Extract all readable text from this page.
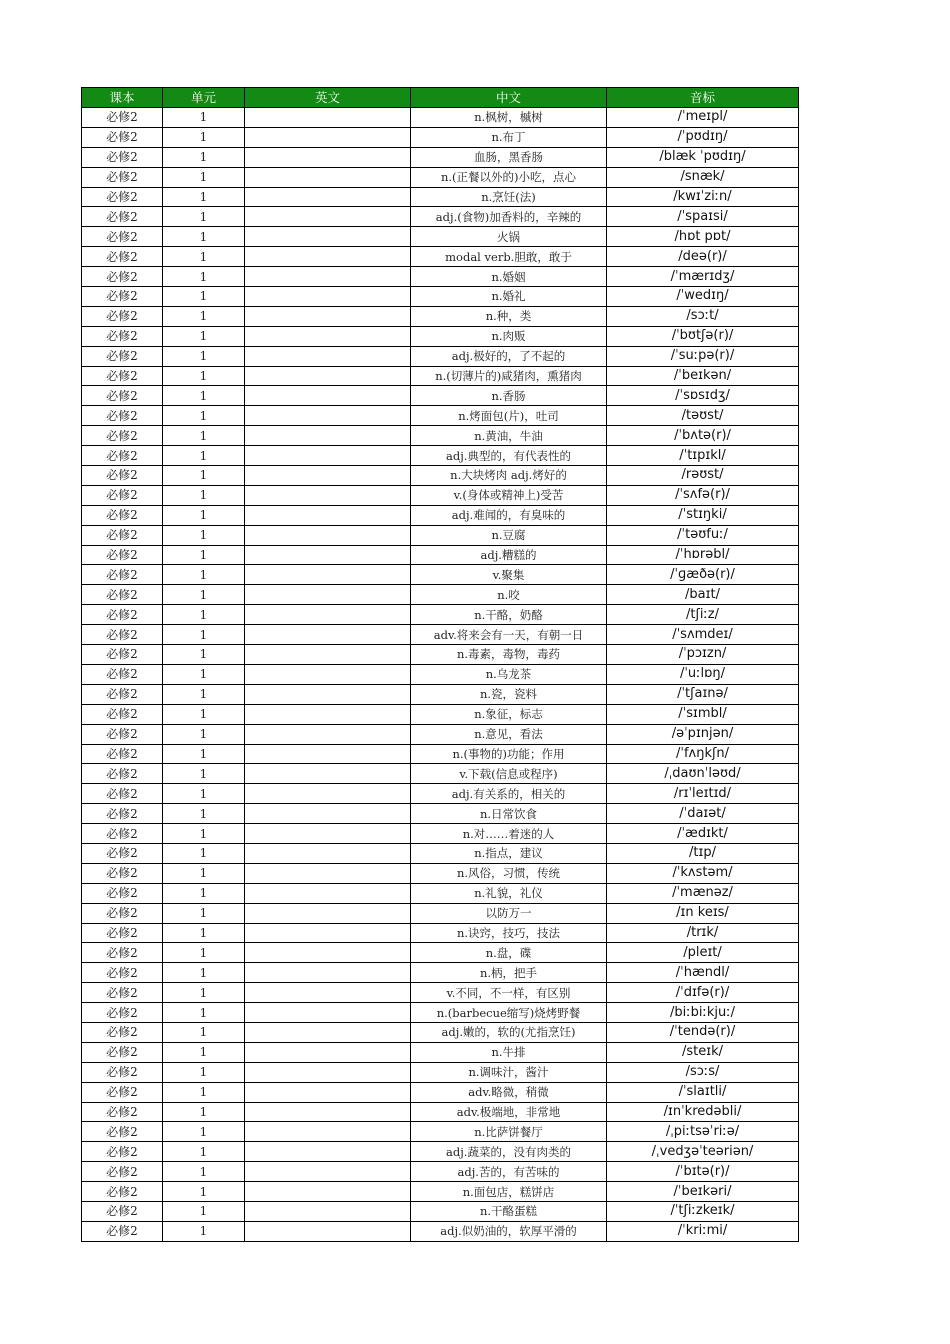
课本	单元	英文	中文	音标
必修2	1		n.枫树，槭树	/ˈmeɪpl/
必修2	1		n.布丁	/ˈpʊdɪŋ/
必修2	1		血肠，黑香肠	/blæk ˈpʊdɪŋ/
必修2	1		n.(正餐以外的)小吃，点心	/snæk/
必修2	1		n.烹饪(法)	/kwɪˈziːn/
必修2	1		adj.(食物)加香料的，辛辣的	/ˈspaɪsi/
必修2	1		火锅	/hɒt pɒt/
必修2	1		modal verb.胆敢，敢于	/deə(r)/
必修2	1		n.婚姻	/ˈmærɪdʒ/
必修2	1		n.婚礼	/ˈwedɪŋ/
必修2	1		n.种，类	/sɔːt/
必修2	1		n.肉贩	/ˈbʊtʃə(r)/
必修2	1		adj.极好的，了不起的	/ˈsuːpə(r)/
必修2	1		n.(切薄片的)咸猪肉，熏猪肉	/ˈbeɪkən/
必修2	1		n.香肠	/ˈsɒsɪdʒ/
必修2	1		n.烤面包(片)，吐司	/təʊst/
必修2	1		n.黄油，牛油	/ˈbʌtə(r)/
必修2	1		adj.典型的，有代表性的	/ˈtɪpɪkl/
必修2	1		n.大块烤肉 adj.烤好的	/rəʊst/
必修2	1		v.(身体或精神上)受苦	/ˈsʌfə(r)/
必修2	1		adj.难闻的，有臭味的	/ˈstɪŋki/
必修2	1		n.豆腐	/ˈtəʊfuː/
必修2	1		adj.糟糕的	/ˈhɒrəbl/
必修2	1		v.聚集	/ˈɡæðə(r)/
必修2	1		n.咬	/baɪt/
必修2	1		n.干酪，奶酪	/tʃiːz/
必修2	1		adv.将来会有一天，有朝一日	/ˈsʌmdeɪ/
必修2	1		n.毒素，毒物，毒药	/ˈpɔɪzn/
必修2	1		n.乌龙茶	/ˈuːlɒŋ/
必修2	1		n.瓷，瓷料	/ˈtʃaɪnə/
必修2	1		n.象征，标志	/ˈsɪmbl/
必修2	1		n.意见，看法	/əˈpɪnjən/
必修2	1		n.(事物的)功能；作用	/ˈfʌŋkʃn/
必修2	1		v.下载(信息或程序)	/ˌdaʊnˈləʊd/
必修2	1		adj.有关系的，相关的	/rɪˈleɪtɪd/
必修2	1		n.日常饮食	/ˈdaɪət/
必修2	1		n.对……着迷的人	/ˈædɪkt/
必修2	1		n.指点，建议	/tɪp/
必修2	1		n.风俗，习惯，传统	/ˈkʌstəm/
必修2	1		n.礼貌，礼仪	/ˈmænəz/
必修2	1		以防万一	/ɪn keɪs/
必修2	1		n.诀窍，技巧，技法	/trɪk/
必修2	1		n.盘，碟	/pleɪt/
必修2	1		n.柄，把手	/ˈhændl/
必修2	1		v.不同，不一样，有区别	/ˈdɪfə(r)/
必修2	1		n.(barbecue缩写)烧烤野餐	/biːbiːkjuː/
必修2	1		adj.嫩的，软的(尤指烹饪)	/ˈtendə(r)/
必修2	1		n.牛排	/steɪk/
必修2	1		n.调味汁，酱汁	/sɔːs/
必修2	1		adv.略微，稍微	/ˈslaɪtli/
必修2	1		adv.极端地，非常地	/ɪnˈkredəbli/
必修2	1		n.比萨饼餐厅	/ˌpiːtsəˈriːə/
必修2	1		adj.蔬菜的，没有肉类的	/ˌvedʒəˈteəriən/
必修2	1		adj.苦的，有苦味的	/ˈbɪtə(r)/
必修2	1		n.面包店，糕饼店	/ˈbeɪkəri/
必修2	1		n.干酪蛋糕	/ˈtʃiːzkeɪk/
必修2	1		adj.似奶油的，软厚平滑的	/ˈkriːmi/
